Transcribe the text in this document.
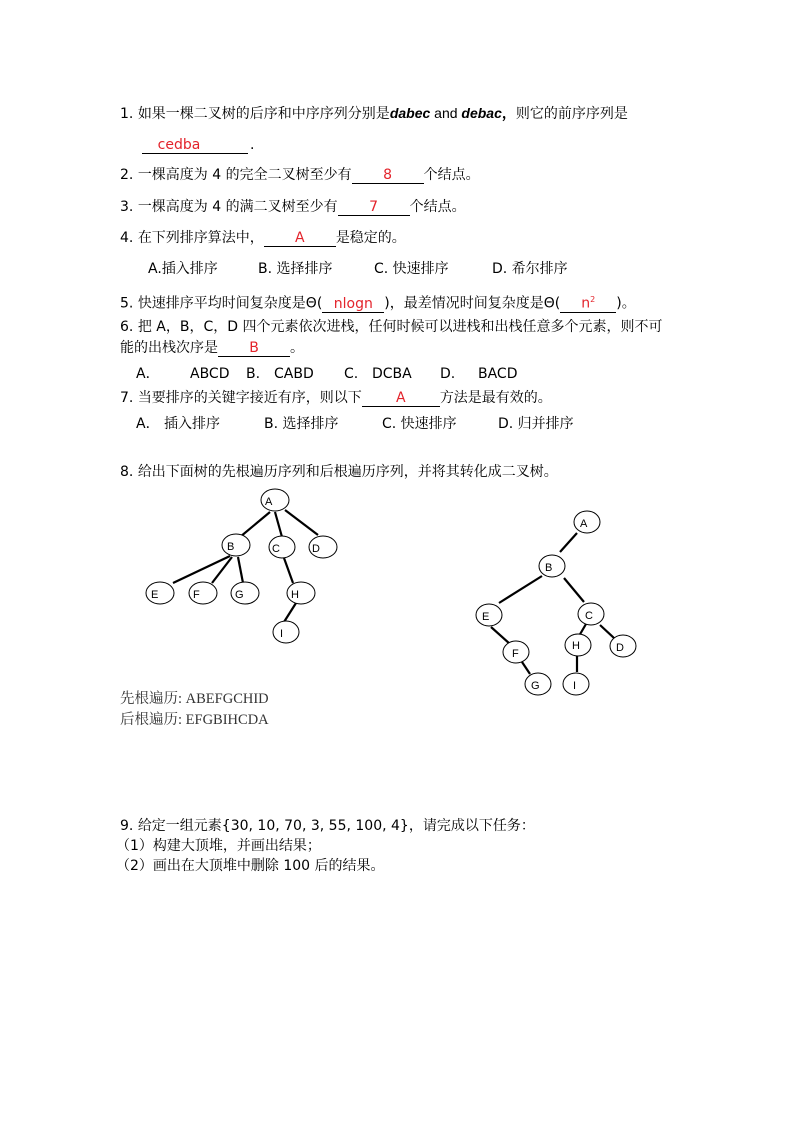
1. 如果一棵二叉树的后序和中序序列分别是dabec and debac，则它的前序序列是
cedba	.
2. 一棵高度为 4 的完全二叉树至少有 8 个结点。
3. 一棵高度为 4 的满二叉树至少有 7 个结点。
4. 在下列排序算法中， A 是稳定的。
A.插入排序	B. 选择排序	C. 快速排序	D. 希尔排序
5. 快速排序平均时间复杂度是Θ( nlogn )，最差情况时间复杂度是Θ( $n^2$ )。
6. 把 A，B，C，D 四个元素依次进栈，任何时候可以进栈和出栈任意多个元素，则不可
能的出栈次序是 B 。
A． ABCD B. CABD C. DCBA D. BACD
7. 当要排序的关键字接近有序，则以下 A 方法是最有效的。
A． 插入排序	B. 选择排序	C. 快速排序	D. 归并排序
8. 给出下面树的先根遍历序列和后根遍历序列，并将其转化成二叉树。
A
B	C	D
E	F	G	H
I
A
B
E	C
F
H	D
G	I
先根遍历: ABEFGCHID
后根遍历: EFGBIHCDA
9. 给定一组元素{30, 10, 70, 3, 55, 100, 4}，请完成以下任务：
（1）构建大顶堆，并画出结果；
（2）画出在大顶堆中删除 100 后的结果。
